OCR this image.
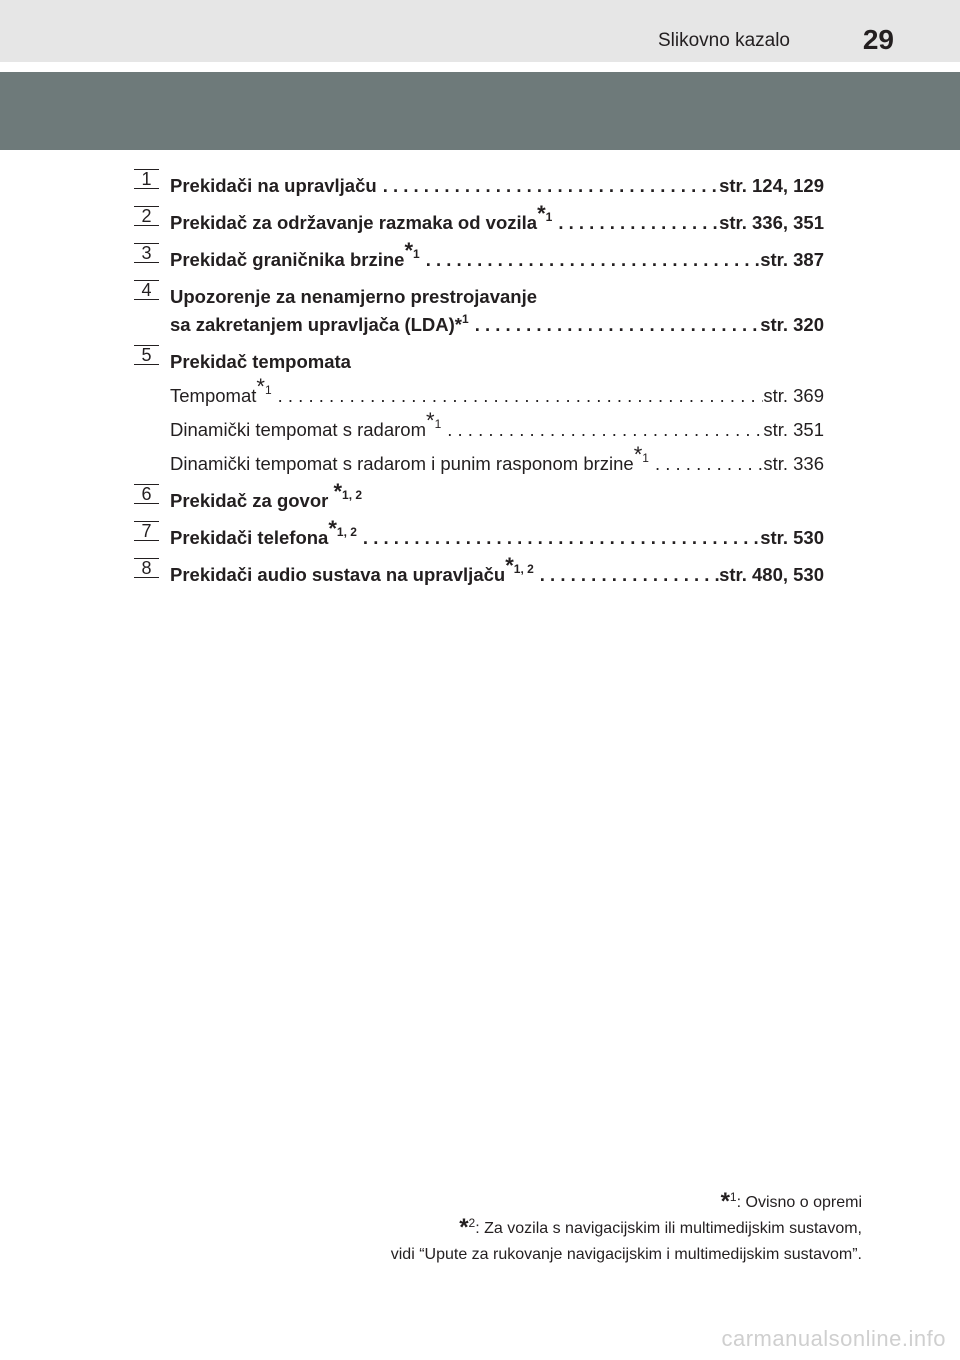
Slikovno kazalo	29
1	Prekidači na upravljaču . . .	str. 124, 129
2	Prekidač za održavanje razmaka od vozila$^{*1}$ . . .	str. 336, 351
3	Prekidač graničnika brzine$^{*1}$ . . .	str. 387
4	Upozorenje za nenamjerno prestrojavanje
sa zakretanjem upravljača (LDA)*$^1$ . . .	str. 320
5	Prekidač tempomata
Tempomat$^{*1}$ . . .	str. 369
Dinamički tempomat s radarom$^{*1}$ . . .	str. 351
Dinamički tempomat s radarom i punim rasponom brzine$^{*1}$ . . .	str. 336
6	Prekidač za govor $^{*1, 2}$
7	Prekidači telefona$^{*1, 2}$ . . .	str. 530
8	Prekidači audio sustava na upravljaču$^{*1, 2}$ . . .	str. 480, 530
*$^1$: Ovisno o opremi
*$^2$: Za vozila s navigacijskim ili multimedijskim sustavom,
vidi “Upute za rukovanje navigacijskim i multimedijskim sustavom”.
carmanualsonline.info
